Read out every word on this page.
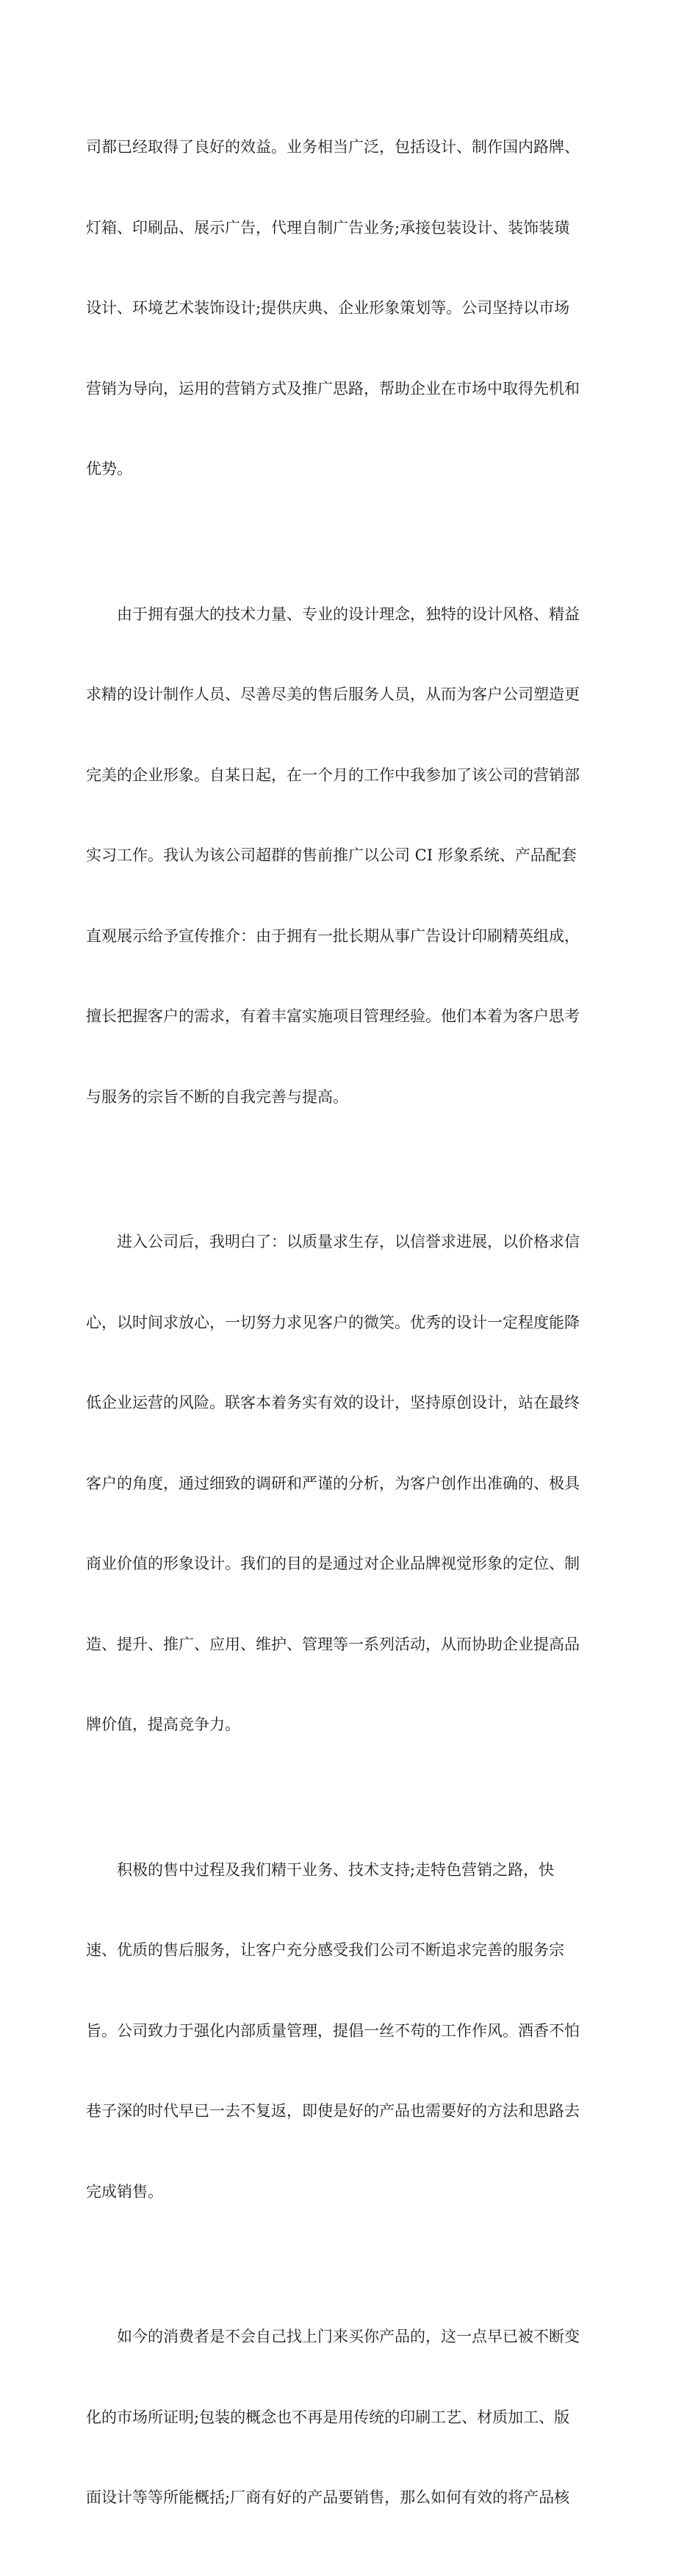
司都已经取得了良好的效益。业务相当广泛，包括设计、制作国内路牌、

灯箱、印刷品、展示广告，代理自制广告业务;承接包装设计、装饰装璜

设计、环境艺术装饰设计;提供庆典、企业形象策划等。公司坚持以市场

营销为导向，运用的营销方式及推广思路，帮助企业在市场中取得先机和

优势。

由于拥有强大的技术力量、专业的设计理念，独特的设计风格、精益

求精的设计制作人员、尽善尽美的售后服务人员，从而为客户公司塑造更

完美的企业形象。自某日起，在一个月的工作中我参加了该公司的营销部

实习工作。我认为该公司超群的售前推广以公司 CI 形象系统、产品配套

直观展示给予宣传推介：由于拥有一批长期从事广告设计印刷精英组成，

擅长把握客户的需求，有着丰富实施项目管理经验。他们本着为客户思考

与服务的宗旨不断的自我完善与提高。

进入公司后，我明白了：以质量求生存，以信誉求进展，以价格求信

心，以时间求放心，一切努力求见客户的微笑。优秀的设计一定程度能降

低企业运营的风险。联客本着务实有效的设计，坚持原创设计，站在最终

客户的角度，通过细致的调研和严谨的分析，为客户创作出准确的、极具

商业价值的形象设计。我们的目的是通过对企业品牌视觉形象的定位、制

造、提升、推广、应用、维护、管理等一系列活动，从而协助企业提高品

牌价值，提高竞争力。

积极的售中过程及我们精干业务、技术支持;走特色营销之路，快

速、优质的售后服务，让客户充分感受我们公司不断追求完善的服务宗

旨。公司致力于强化内部质量管理，提倡一丝不苟的工作作风。酒香不怕

巷子深的时代早已一去不复返，即使是好的产品也需要好的方法和思路去

完成销售。

如今的消费者是不会自己找上门来买你产品的，这一点早已被不断变

化的市场所证明;包装的概念也不再是用传统的印刷工艺、材质加工、版

面设计等等所能概括;厂商有好的产品要销售，那么如何有效的将产品核
